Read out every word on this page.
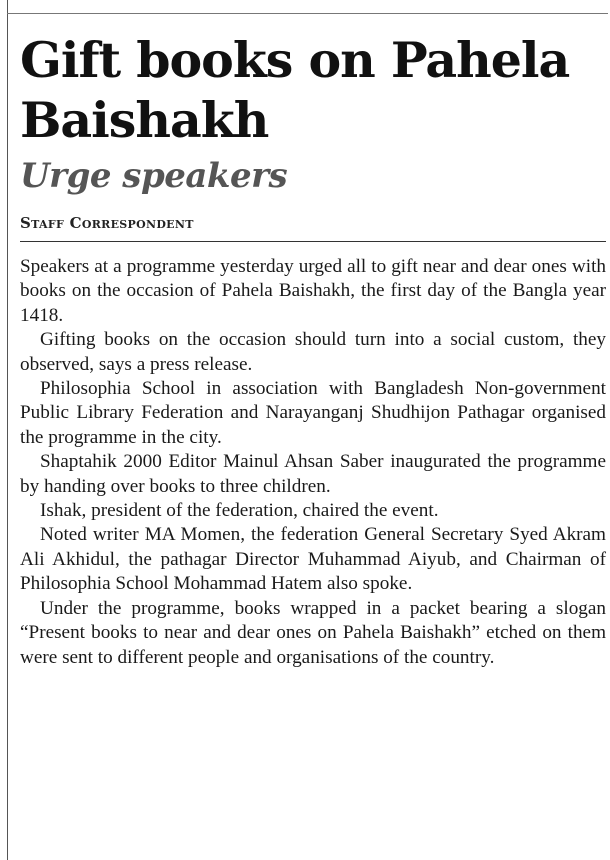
Gift books on Pahela Baishakh
Urge speakers
Staff Correspondent

Speakers at a programme yesterday urged all to gift near and dear ones with books on the occasion of Pahela Baishakh, the first day of the Bangla year 1418.

Gifting books on the occasion should turn into a social custom, they observed, says a press release.

Philosophia School in association with Bangladesh Non-government Public Library Federation and Narayanganj Shudhijon Pathagar organised the programme in the city.

Shaptahik 2000 Editor Mainul Ahsan Saber inaugurated the programme by handing over books to three children.

Ishak, president of the federation, chaired the event.

Noted writer MA Momen, the federation General Secretary Syed Akram Ali Akhidul, the pathagar Director Muhammad Aiyub, and Chairman of Philosophia School Mohammad Hatem also spoke.

Under the programme, books wrapped in a packet bearing a slogan “Present books to near and dear ones on Pahela Baishakh” etched on them were sent to different people and organisations of the country.
